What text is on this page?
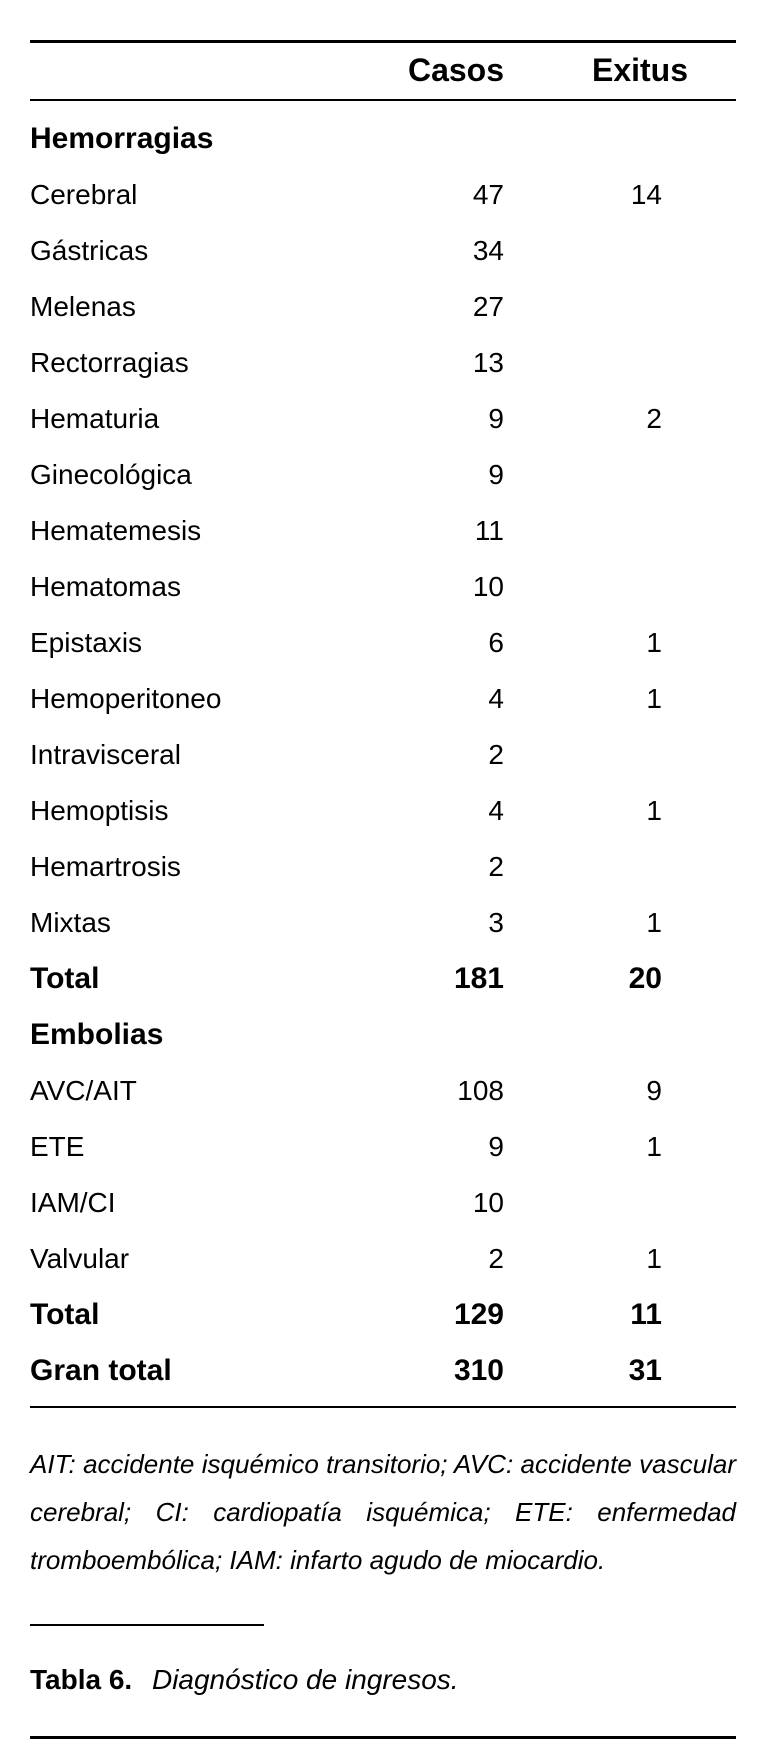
Casos	Exitus
Hemorragias
Cerebral	47	14
Gástricas	34
Melenas	27
Rectorragias	13
Hematuria	9	2
Ginecológica	9
Hematemesis	11
Hematomas	10
Epistaxis	6	1
Hemoperitoneo	4	1
Intravisceral	2
Hemoptisis	4	1
Hemartrosis	2
Mixtas	3	1
Total	181	20
Embolias
AVC/AIT	108	9
ETE	9	1
IAM/CI	10
Valvular	2	1
Total	129	11
Gran total	310	31
AIT: accidente isquémico transitorio; AVC: accidente vascular cerebral; CI: cardiopatía isquémica; ETE: enfermedad tromboembólica; IAM: infarto agudo de miocardio.
Tabla 6. Diagnóstico de ingresos.
